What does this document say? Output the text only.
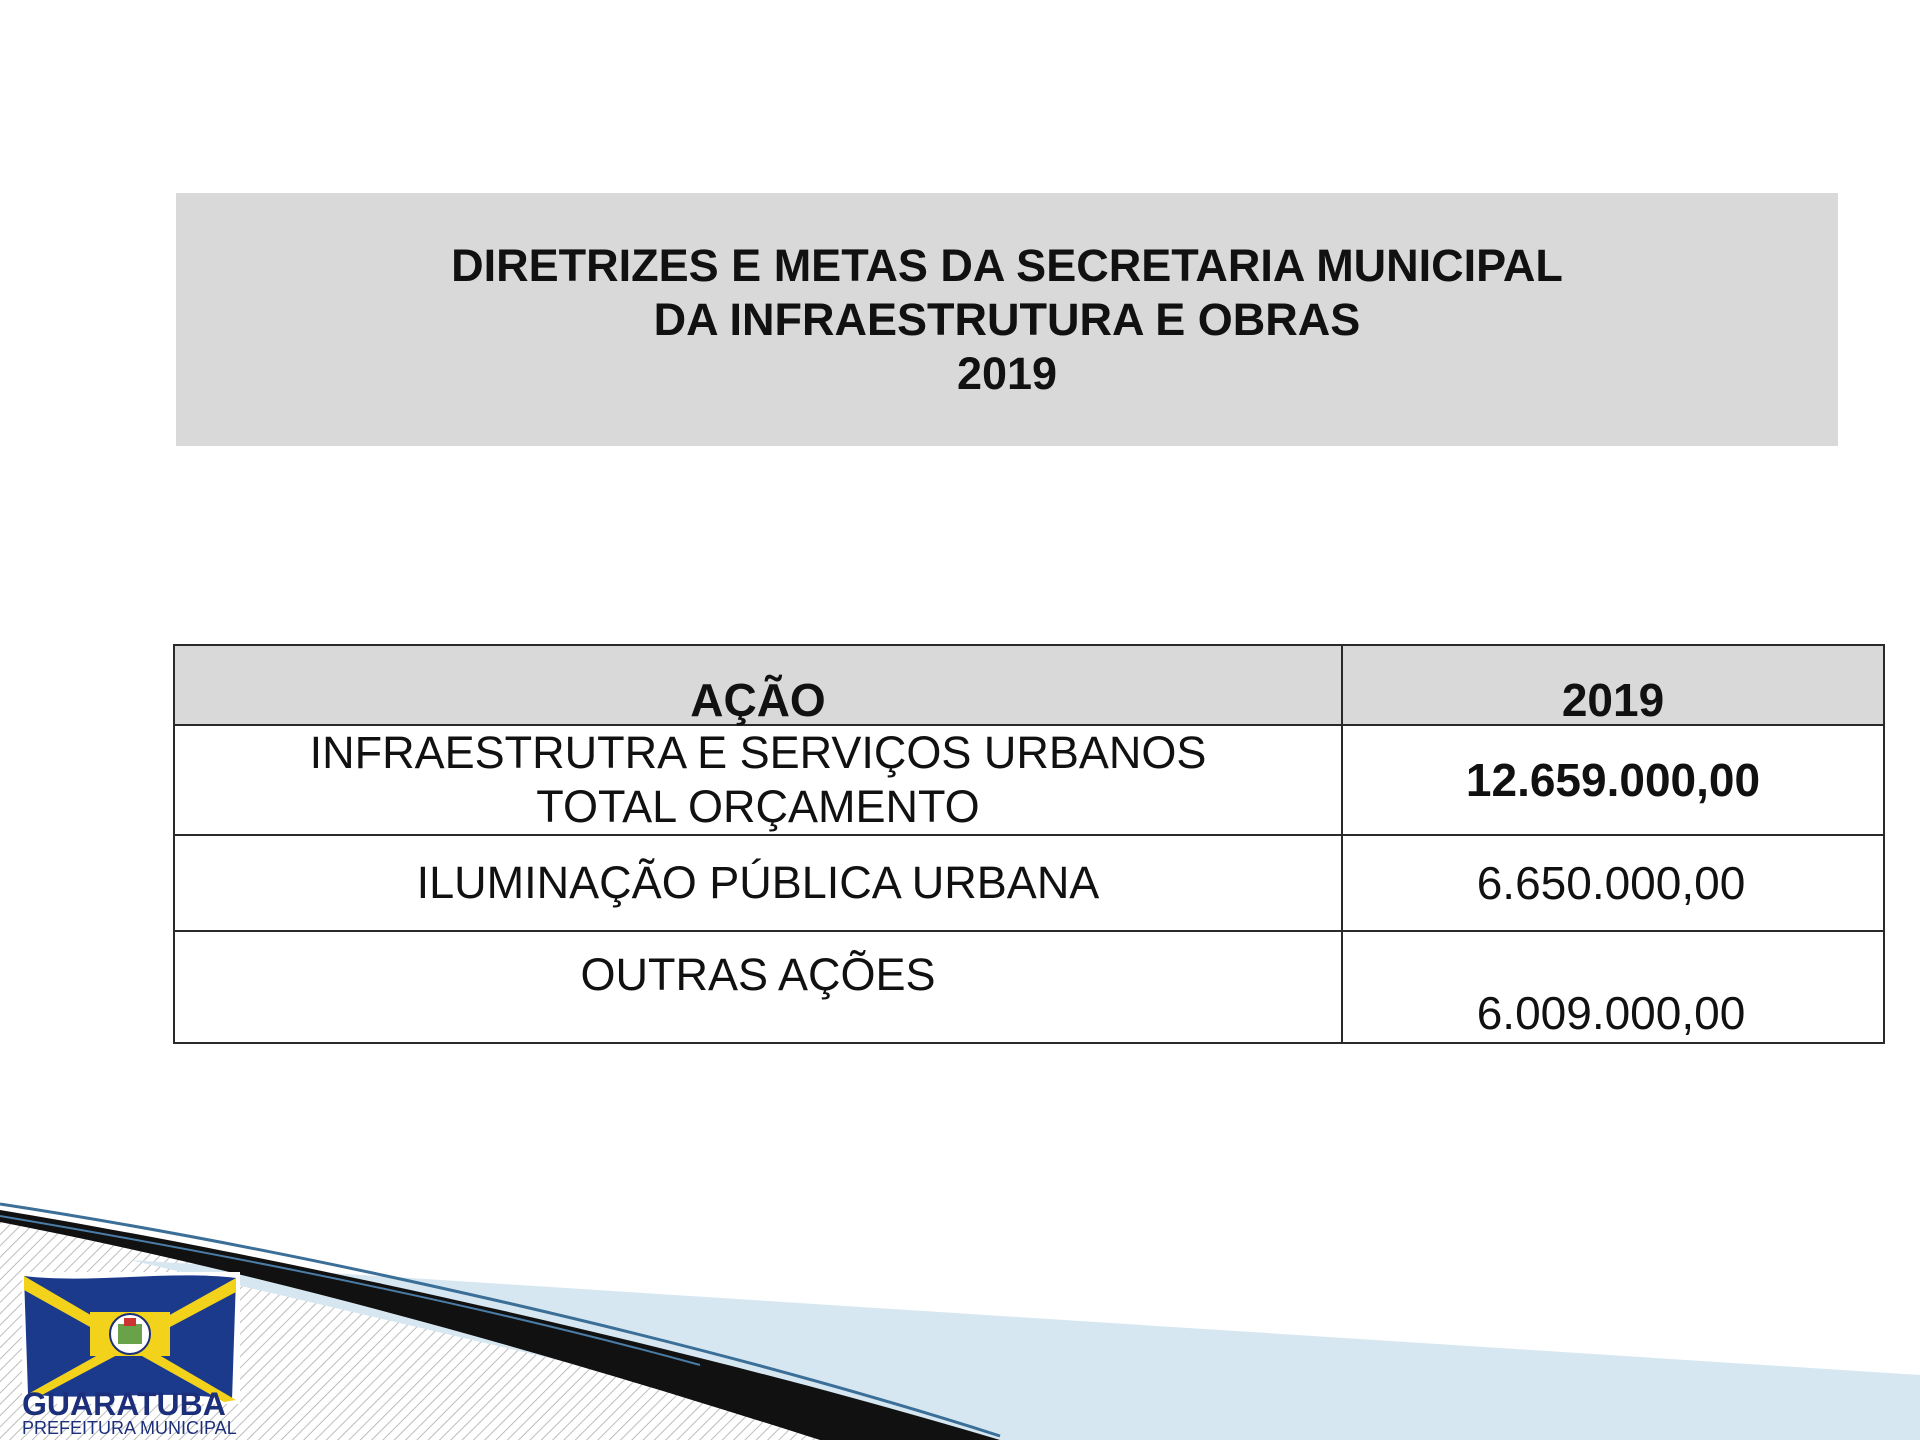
DIRETRIZES E METAS DA SECRETARIA MUNICIPAL
DA INFRAESTRUTURA E OBRAS
2019
AÇÃO	2019

INFRAESTRUTRA E SERVIÇOS URBANOS
TOTAL ORÇAMENTO	12.659.000,00
ILUMINAÇÃO PÚBLICA URBANA	6.650.000,00
OUTRAS AÇÕES	6.009.000,00
GUARATUBA
PREFEITURA MUNICIPAL
